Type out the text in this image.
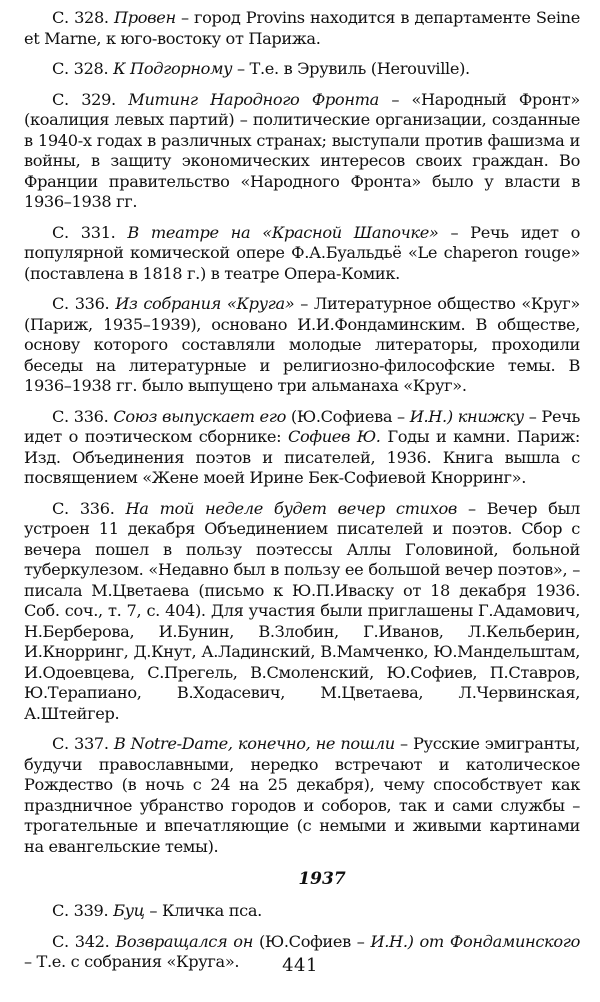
С. 328. Провен – город Provins находится в департаменте Seine et Marne, к юго-востоку от Парижа.

С. 328. К Подгорному – Т.е. в Эрувиль (Herouville).

С. 329. Митинг Народного Фронта – «Народный Фронт» (коалиция левых партий) – политические организации, созданные в 1940-х годах в различных странах; выступали против фашизма и войны, в защиту экономических интересов своих граждан. Во Франции правительство «Народного Фронта» было у власти в 1936–1938 гг.

С. 331. В театре на «Красной Шапочке» – Речь идет о популярной комической опере Ф.А.Буальдьё «Le chaperon rouge» (поставлена в 1818 г.) в театре Опера-Комик.

С. 336. Из собрания «Круга» – Литературное общество «Круг» (Париж, 1935–1939), основано И.И.Фондаминским. В обществе, основу которого составляли молодые литераторы, проходили беседы на литературные и религиозно-философские темы. В 1936–1938 гг. было выпущено три альманаха «Круг».

С. 336. Союз выпускает его (Ю.Софиева – И.Н.) книжку – Речь идет о поэтическом сборнике: Софиев Ю. Годы и камни. Париж: Изд. Объединения поэтов и писателей, 1936. Книга вышла с посвящением «Жене моей Ирине Бек-Софиевой Кнорринг».

С. 336. На той неделе будет вечер стихов – Вечер был устроен 11 декабря Объединением писателей и поэтов. Сбор с вечера пошел в пользу поэтессы Аллы Головиной, больной туберкулезом. «Недавно был в пользу ее большой вечер поэтов», – писала М.Цветаева (письмо к Ю.П.Иваску от 18 декабря 1936. Соб. соч., т. 7, с. 404). Для участия были приглашены Г.Адамович, Н.Берберова, И.Бунин, В.Злобин, Г.Иванов, Л.Кельберин, И.Кнорринг, Д.Кнут, А.Ладинский, В.Мамченко, Ю.Мандельштам, И.Одоевцева, С.Прегель, В.Смоленский, Ю.Софиев, П.Ставров, Ю.Терапиано, В.Ходасевич, М.Цветаева, Л.Червинская, А.Штейгер.

С. 337. В Notre-Dame, конечно, не пошли – Русские эмигранты, будучи православными, нередко встречают и католическое Рождество (в ночь с 24 на 25 декабря), чему способствует как праздничное убранство городов и соборов, так и сами службы – трогательные и впечатляющие (с немыми и живыми картинами на евангельские темы).

1937

С. 339. Буц – Кличка пса.

С. 342. Возвращался он (Ю.Софиев – И.Н.) от Фондаминского – Т.е. с собрания «Круга».	441
